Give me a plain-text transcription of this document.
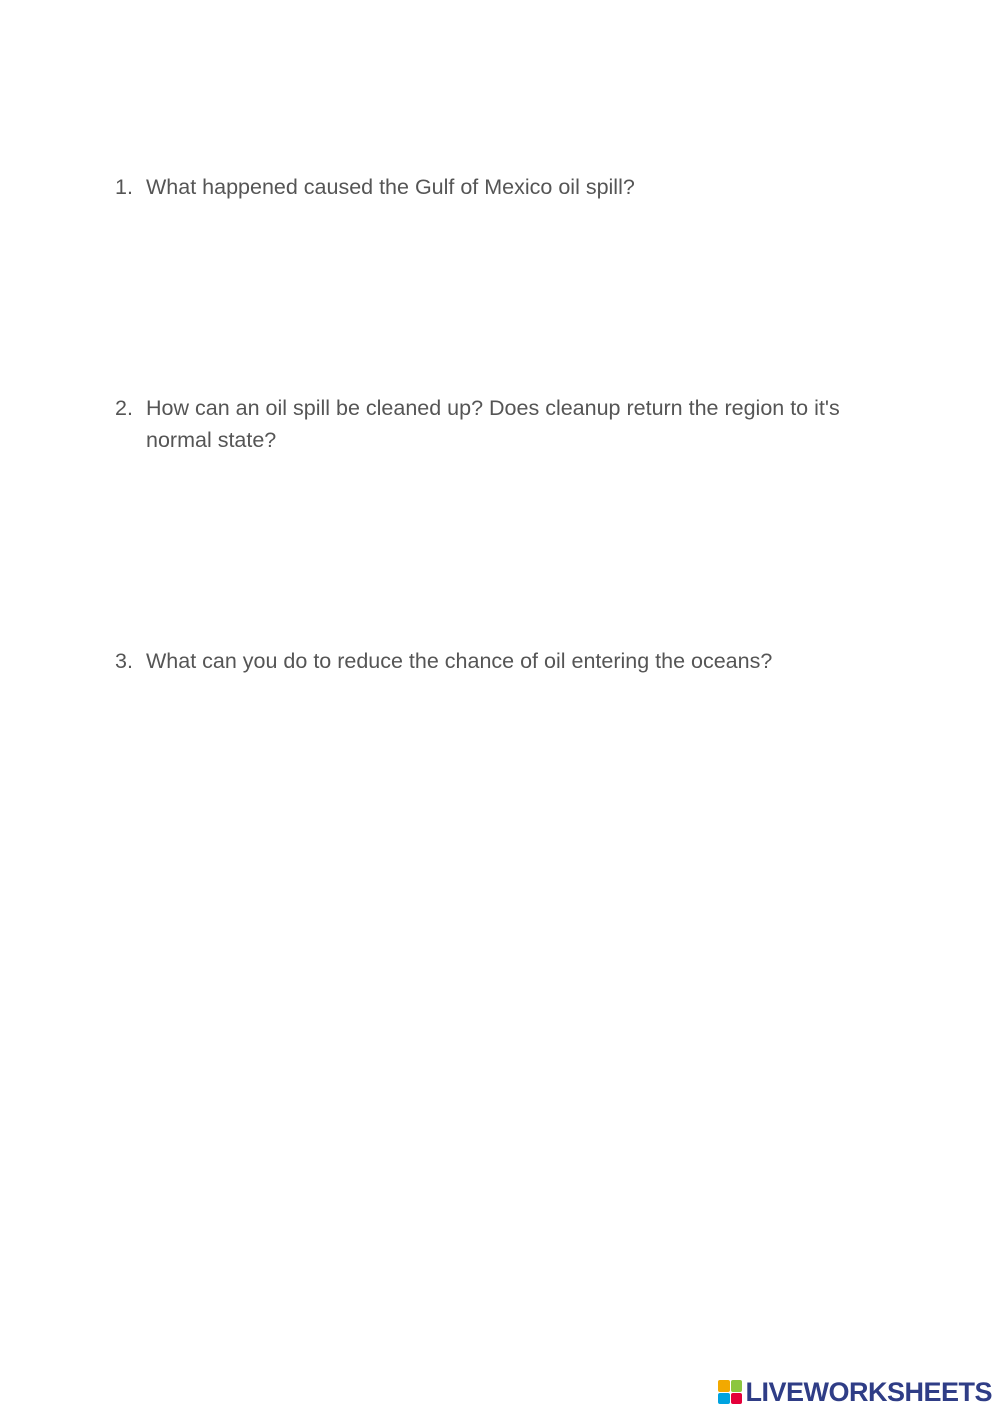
1. What happened caused the Gulf of Mexico oil spill?
2. How can an oil spill be cleaned up? Does cleanup return the region to it's normal state?
3. What can you do to reduce the chance of oil entering the oceans?
LIVEWORKSHEETS
